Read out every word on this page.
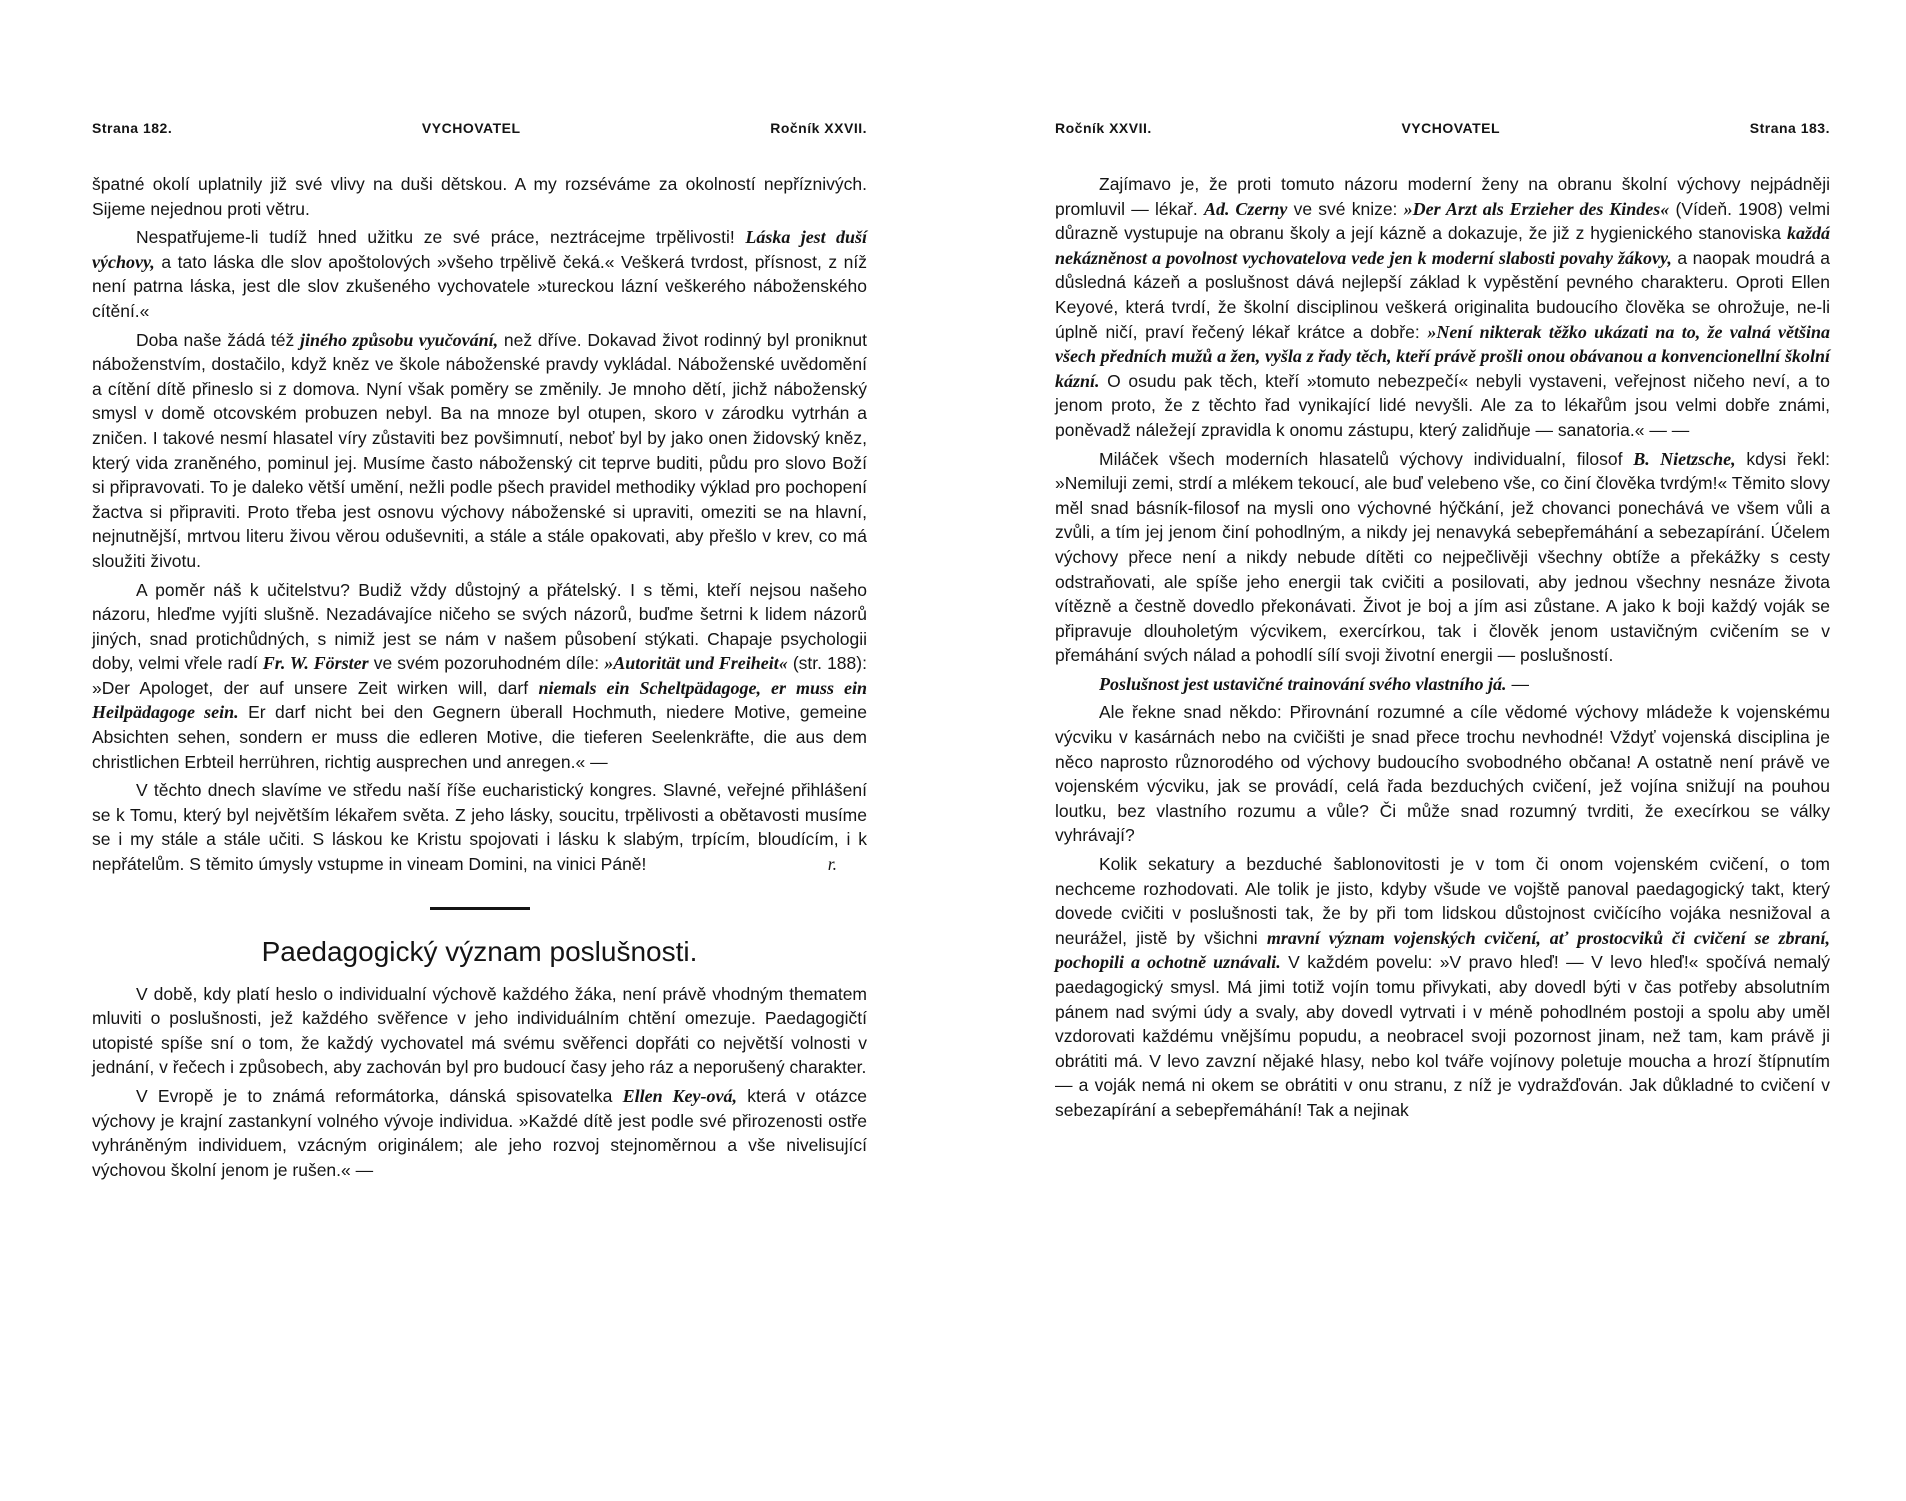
Strana 182.	VYCHOVATEL	Ročník XXVII.

špatné okolí uplatnily již své vlivy na duši dětskou. A my rozséváme za okolností nepříznivých. Sijeme nejednou proti větru.

Nespatřujeme-li tudíž hned užitku ze své práce, neztrácejme trpělivosti! Láska jest duší výchovy, a tato láska dle slov apoštolových »všeho trpělivě čeká.« Veškerá tvrdost, přísnost, z níž není patrna láska, jest dle slov zkušeného vychovatele »tureckou lázní veškerého náboženského cítění.«

Doba naše žádá též jiného způsobu vyučování, než dříve. Dokavad život rodinný byl proniknut náboženstvím, dostačilo, když kněz ve škole náboženské pravdy vykládal. Náboženské uvědomění a cítění dítě přineslo si z domova. Nyní však poměry se změnily. Je mnoho dětí, jichž náboženský smysl v domě otcovském probuzen nebyl. Ba na mnoze byl otupen, skoro v zárodku vytrhán a zničen. I takové nesmí hlasatel víry zůstaviti bez povšimnutí, neboť byl by jako onen židovský kněz, který vida zraněného, pominul jej. Musíme často náboženský cit teprve buditi, půdu pro slovo Boží si připravovati. To je daleko větší umění, nežli podle pšech pravidel methodiky výklad pro pochopení žactva si připraviti. Proto třeba jest osnovu výchovy náboženské si upraviti, omeziti se na hlavní, nejnutnější, mrtvou literu živou věrou oduševniti, a stále a stále opakovati, aby přešlo v krev, co má sloužiti životu.

A poměr náš k učitelstvu? Budiž vždy důstojný a přátelský. I s těmi, kteří nejsou našeho názoru, hleďme vyjíti slušně. Nezadávajíce ničeho se svých názorů, buďme šetrni k lidem názorů jiných, snad protichůdných, s nimiž jest se nám v našem působení stýkati. Chapaje psychologii doby, velmi vřele radí Fr. W. Förster ve svém pozoruhodném díle: »Autorität und Freiheit« (str. 188): »Der Apologet, der auf unsere Zeit wirken will, darf niemals ein Scheltpädagoge, er muss ein Heilpädagoge sein. Er darf nicht bei den Gegnern überall Hochmuth, niedere Motive, gemeine Absichten sehen, sondern er muss die edleren Motive, die tieferen Seelenkräfte, die aus dem christlichen Erbteil herrühren, richtig ausprechen und anregen.« —

V těchto dnech slavíme ve středu naší říše eucharistický kongres. Slavné, veřejné přihlášení se k Tomu, který byl největším lékařem světa. Z jeho lásky, soucitu, trpělivosti a obětavosti musíme se i my stále a stále učiti. S láskou ke Kristu spojovati i lásku k slabým, trpícím, bloudícím, i k nepřátelům. S těmito úmysly vstupme in vineam Domini, na vinici Páně!	r.

Paedagogický význam poslušnosti.

V době, kdy platí heslo o individualní výchově každého žáka, není právě vhodným thematem mluviti o poslušnosti, jež každého svěřence v jeho individuálním chtění omezuje. Paedagogičtí utopisté spíše sní o tom, že každý vychovatel má svému svěřenci dopřáti co největší volnosti v jednání, v řečech i způsobech, aby zachován byl pro budoucí časy jeho ráz a neporušený charakter.

V Evropě je to známá reformátorka, dánská spisovatelka Ellen Key-ová, která v otázce výchovy je krajní zastankyní volného vývoje individua. »Každé dítě jest podle své přirozenosti ostře vyhráněným individuem, vzácným originálem; ale jeho rozvoj stejnoměrnou a vše nivelisující výchovou školní jenom je rušen.« —

Ročník XXVII.	VYCHOVATEL	Strana 183.

Zajímavo je, že proti tomuto názoru moderní ženy na obranu školní výchovy nejpádněji promluvil — lékař. Ad. Czerny ve své knize: »Der Arzt als Erzieher des Kindes« (Vídeň. 1908) velmi důrazně vystupuje na obranu školy a její kázně a dokazuje, že již z hygienického stanoviska každá nekázněnost a povolnost vychovatelova vede jen k moderní slabosti povahy žákovy, a naopak moudrá a důsledná kázeň a poslušnost dává nejlepší základ k vypěstění pevného charakteru. Oproti Ellen Keyové, která tvrdí, že školní disciplinou veškerá originalita budoucího člověka se ohrožuje, ne-li úplně ničí, praví řečený lékař krátce a dobře: »Není nikterak těžko ukázati na to, že valná většina všech předních mužů a žen, vyšla z řady těch, kteří právě prošli onou obávanou a konvencionellní školní kázní. O osudu pak těch, kteří »tomuto nebezpečí« nebyli vystaveni, veřejnost ničeho neví, a to jenom proto, že z těchto řad vynikající lidé nevyšli. Ale za to lékařům jsou velmi dobře známi, poněvadž náležejí zpravidla k onomu zástupu, který zalidňuje — sanatoria.« — —

Miláček všech moderních hlasatelů výchovy individualní, filosof B. Nietzsche, kdysi řekl: »Nemiluji zemi, strdí a mlékem tekoucí, ale buď velebeno vše, co činí člověka tvrdým!« Těmito slovy měl snad básník-filosof na mysli ono výchovné hýčkání, jež chovanci ponechává ve všem vůli a zvůli, a tím jej jenom činí pohodlným, a nikdy jej nenavyká sebepřemáhání a sebezapírání. Účelem výchovy přece není a nikdy nebude dítěti co nejpečlivěji všechny obtíže a překážky s cesty odstraňovati, ale spíše jeho energii tak cvičiti a posilovati, aby jednou všechny nesnáze života vítězně a čestně dovedlo překonávati. Život je boj a jím asi zůstane. A jako k boji každý voják se připravuje dlouholetým výcvikem, exercírkou, tak i člověk jenom ustavičným cvičením se v přemáhání svých nálad a pohodlí sílí svoji životní energii — poslušností.

Poslušnost jest ustavičné trainování svého vlastního já. —

Ale řekne snad někdo: Přirovnání rozumné a cíle vědomé výchovy mládeže k vojenskému výcviku v kasárnách nebo na cvičišti je snad přece trochu nevhodné! Vždyť vojenská disciplina je něco naprosto různorodého od výchovy budoucího svobodného občana! A ostatně není právě ve vojenském výcviku, jak se provádí, celá řada bezduchých cvičení, jež vojína snižují na pouhou loutku, bez vlastního rozumu a vůle? Či může snad rozumný tvrditi, že execírkou se války vyhrávají?

Kolik sekatury a bezduché šablonovitosti je v tom či onom vojenském cvičení, o tom nechceme rozhodovati. Ale tolik je jisto, kdyby všude ve vojště panoval paedagogický takt, který dovede cvičiti v poslušnosti tak, že by při tom lidskou důstojnost cvičícího vojáka nesnižoval a neurážel, jistě by všichni mravní význam vojenských cvičení, ať prostocviků či cvičení se zbraní, pochopili a ochotně uznávali. V každém povelu: »V pravo hleď! — V levo hleď!« spočívá nemalý paedagogický smysl. Má jimi totiž vojín tomu přivykati, aby dovedl býti v čas potřeby absolutním pánem nad svými údy a svaly, aby dovedl vytrvati i v méně pohodlném postoji a spolu aby uměl vzdorovati každému vnějšímu popudu, a neobracel svoji pozornost jinam, než tam, kam právě ji obrátiti má. V levo zavzní nějaké hlasy, nebo kol tváře vojínovy poletuje moucha a hrozí štípnutím — a voják nemá ni okem se obrátiti v onu stranu, z níž je vydražďován. Jak důkladné to cvičení v sebezapírání a sebepřemáhání! Tak a nejinak
